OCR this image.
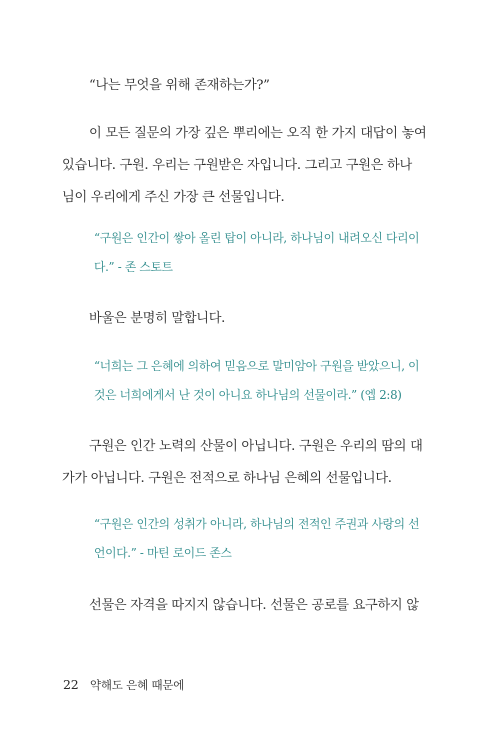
“나는 무엇을 위해 존재하는가?”

이 모든 질문의 가장 깊은 뿌리에는 오직 한 가지 대답이 놓여
있습니다. 구원. 우리는 구원받은 자입니다. 그리고 구원은 하나
님이 우리에게 주신 가장 큰 선물입니다.

“구원은 인간이 쌓아 올린 탑이 아니라, 하나님이 내려오신 다리이
다.” - 존 스토트

바울은 분명히 말합니다.

“너희는 그 은혜에 의하여 믿음으로 말미암아 구원을 받았으니, 이
것은 너희에게서 난 것이 아니요 하나님의 선물이라.” (엡 2:8)

구원은 인간 노력의 산물이 아닙니다. 구원은 우리의 땀의 대
가가 아닙니다. 구원은 전적으로 하나님 은혜의 선물입니다.

“구원은 인간의 성취가 아니라, 하나님의 전적인 주권과 사랑의 선
언이다.” - 마틴 로이드 존스

선물은 자격을 따지지 않습니다. 선물은 공로를 요구하지 않

22 약해도 은혜 때문에
